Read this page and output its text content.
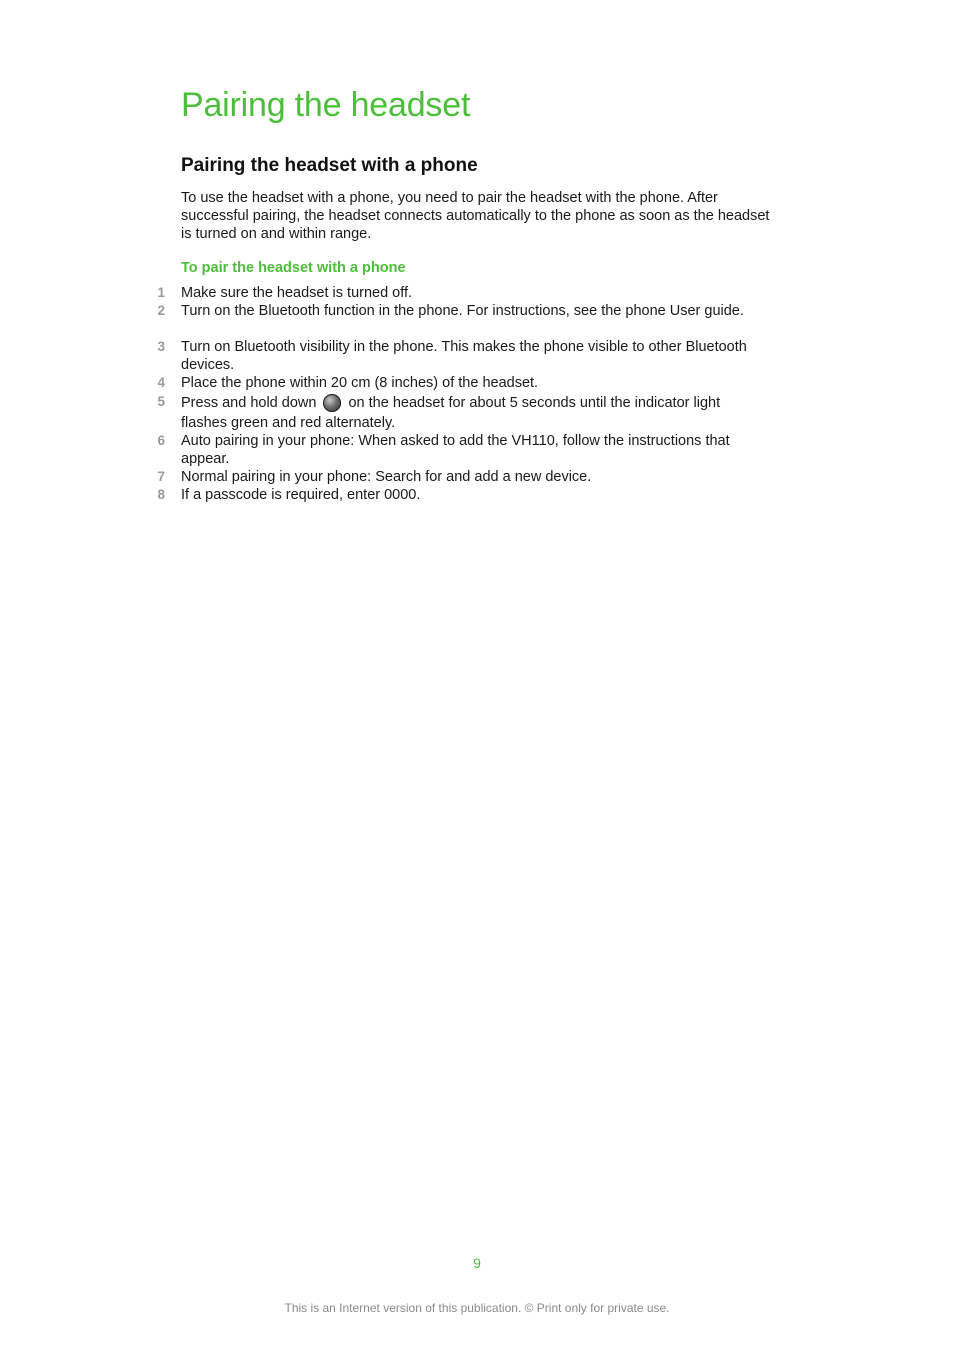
Pairing the headset
Pairing the headset with a phone

To use the headset with a phone, you need to pair the headset with the phone. After successful pairing, the headset connects automatically to the phone as soon as the headset is turned on and within range.

To pair the headset with a phone
1 Make sure the headset is turned off.
2 Turn on the Bluetooth function in the phone. For instructions, see the phone User guide.
3 Turn on Bluetooth visibility in the phone. This makes the phone visible to other Bluetooth devices.
4 Place the phone within 20 cm (8 inches) of the headset.
5 Press and hold down on the headset for about 5 seconds until the indicator light flashes green and red alternately.
6 Auto pairing in your phone: When asked to add the VH110, follow the instructions that appear.
7 Normal pairing in your phone: Search for and add a new device.
8 If a passcode is required, enter 0000.
9
This is an Internet version of this publication. © Print only for private use.
